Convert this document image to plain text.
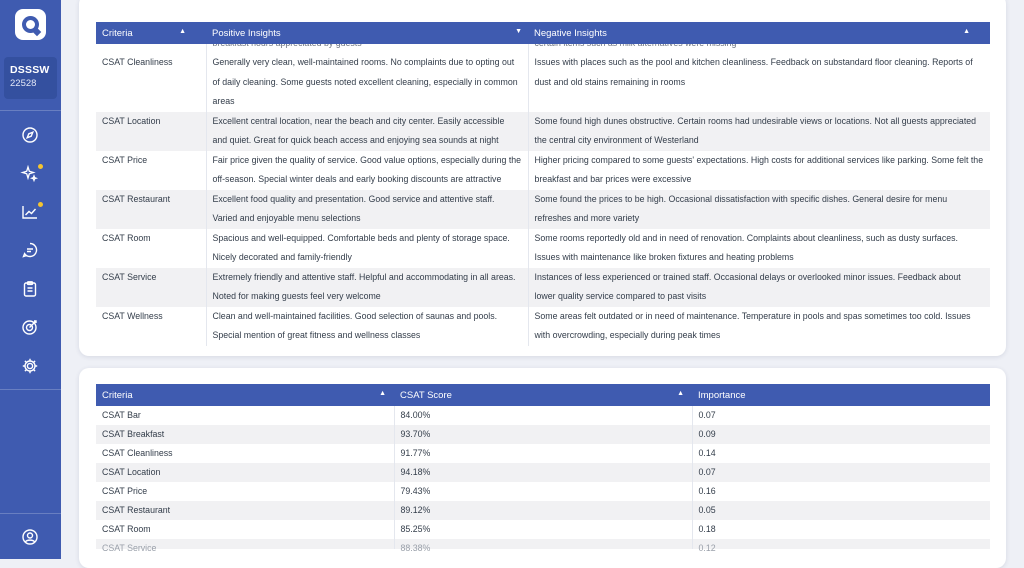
DSSSW
22528
Criteria ▲	Positive Insights ▼	Negative Insights ▲

CSAT Cleanliness	Generally very clean, well-maintained rooms. No complaints due to opting out of daily cleaning. Some guests noted excellent cleaning, especially in common areas	Issues with places such as the pool and kitchen cleanliness. Feedback on substandard floor cleaning. Reports of dust and old stains remaining in rooms
CSAT Location	Excellent central location, near the beach and city center. Easily accessible and quiet. Great for quick beach access and enjoying sea sounds at night	Some found high dunes obstructive. Certain rooms had undesirable views or locations. Not all guests appreciated the central city environment of Westerland
CSAT Price	Fair price given the quality of service. Good value options, especially during the off-season. Special winter deals and early booking discounts are attractive	Higher pricing compared to some guests' expectations. High costs for additional services like parking. Some felt the breakfast and bar prices were excessive
CSAT Restaurant	Excellent food quality and presentation. Good service and attentive staff. Varied and enjoyable menu selections	Some found the prices to be high. Occasional dissatisfaction with specific dishes. General desire for menu refreshes and more variety
CSAT Room	Spacious and well-equipped. Comfortable beds and plenty of storage space. Nicely decorated and family-friendly	Some rooms reportedly old and in need of renovation. Complaints about cleanliness, such as dusty surfaces. Issues with maintenance like broken fixtures and heating problems
CSAT Service	Extremely friendly and attentive staff. Helpful and accommodating in all areas. Noted for making guests feel very welcome	Instances of less experienced or trained staff. Occasional delays or overlooked minor issues. Feedback about lower quality service compared to past visits
CSAT Wellness	Clean and well-maintained facilities. Good selection of saunas and pools. Special mention of great fitness and wellness classes	Some areas felt outdated or in need of maintenance. Temperature in pools and spas sometimes too cold. Issues with overcrowding, especially during peak times
Criteria ▲	CSAT Score ▲	Importance
CSAT Bar	84.00%	0.07
CSAT Breakfast	93.70%	0.09
CSAT Cleanliness	91.77%	0.14
CSAT Location	94.18%	0.07
CSAT Price	79.43%	0.16
CSAT Restaurant	89.12%	0.05
CSAT Room	85.25%	0.18

CSAT Service	88.38%	0.12
